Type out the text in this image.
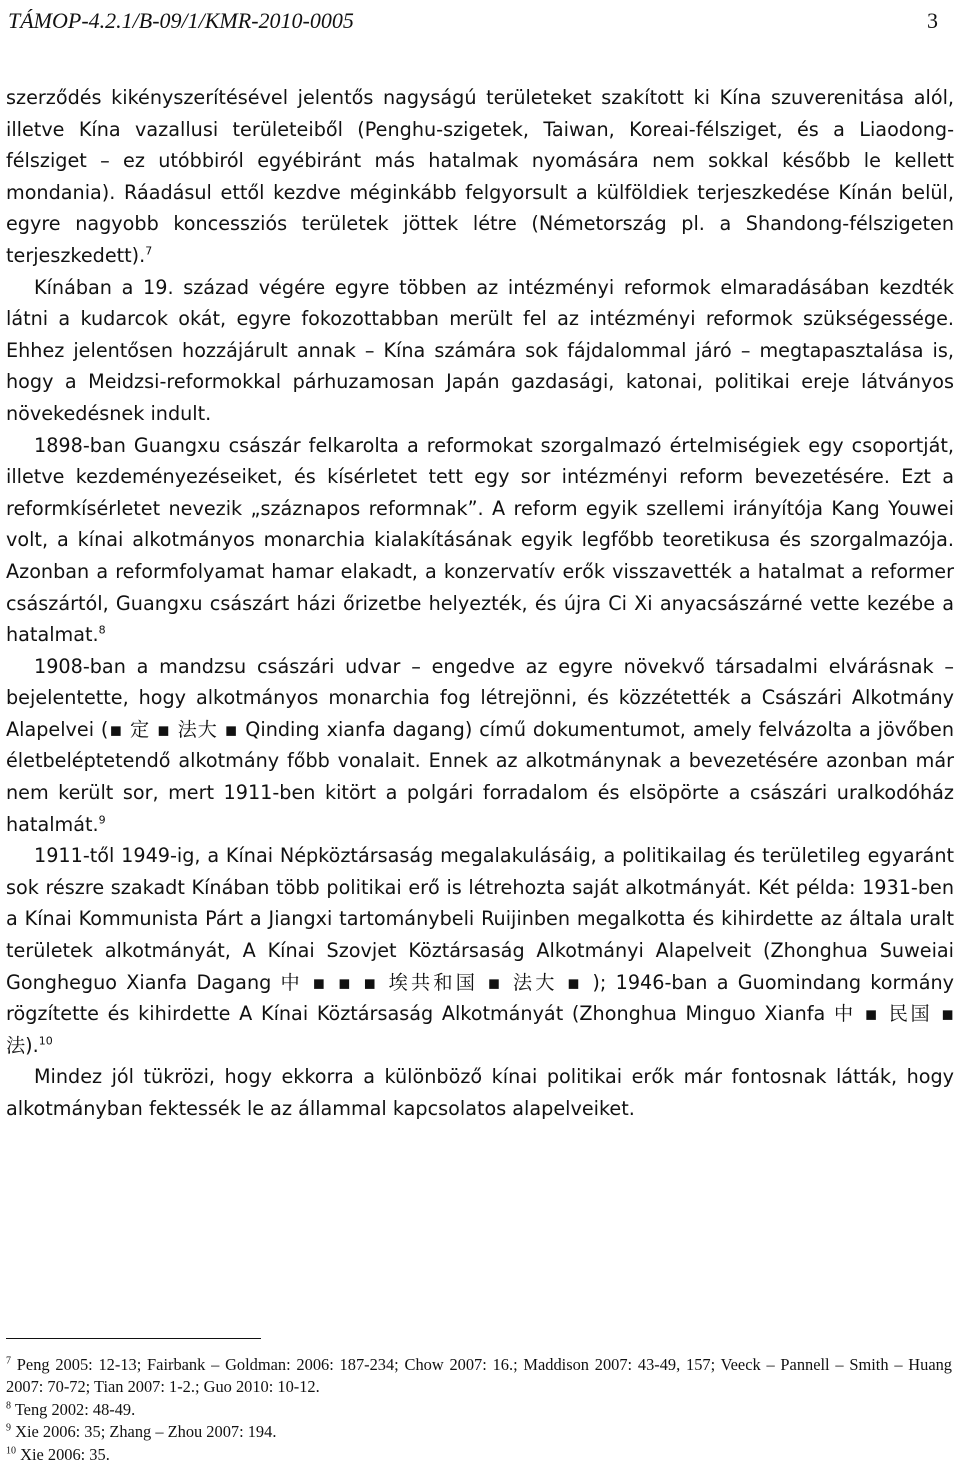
TÁMOP-4.2.1/B-09/1/KMR-2010-0005	3

szerződés kikényszerítésével jelentős nagyságú területeket szakított ki Kína szuverenitása alól, illetve Kína vazallusi területeiből (Penghu-szigetek, Taiwan, Koreai-félsziget, és a Liaodong-félsziget – ez utóbbiról egyébiránt más hatalmak nyomására nem sokkal később le kellett mondania). Ráadásul ettől kezdve méginkább felgyorsult a külföldiek terjeszkedése Kínán belül, egyre nagyobb koncessziós területek jöttek létre (Németország pl. a Shandong-félszigeten terjeszkedett).$^7$

Kínában a 19. század végére egyre többen az intézményi reformok elmaradásában kezdték látni a kudarcok okát, egyre fokozottabban merült fel az intézményi reformok szükségessége. Ehhez jelentősen hozzájárult annak – Kína számára sok fájdalommal járó – megtapasztalása is, hogy a Meidzsi-reformokkal párhuzamosan Japán gazdasági, katonai, politikai ereje látványos növekedésnek indult.

1898-ban Guangxu császár felkarolta a reformokat szorgalmazó értelmiségiek egy csoportját, illetve kezdeményezéseiket, és kísérletet tett egy sor intézményi reform bevezetésére. Ezt a reformkísérletet nevezik „száznapos reformnak”. A reform egyik szellemi irányítója Kang Youwei volt, a kínai alkotmányos monarchia kialakításának egyik legfőbb teoretikusa és szorgalmazója. Azonban a reformfolyamat hamar elakadt, a konzervatív erők visszavették a hatalmat a reformer császártól, Guangxu császárt házi őrizetbe helyezték, és újra Ci Xi anyacsászárné vette kezébe a hatalmat.$^8$

1908-ban a mandzsu császári udvar – engedve az egyre növekvő társadalmi elvárásnak – bejelentette, hogy alkotmányos monarchia fog létrejönni, és közzétették a Császári Alkotmány Alapelvei (▪ 定 ▪ 法大 ▪ Qinding xianfa dagang) című dokumentumot, amely felvázolta a jövőben életbeléptetendő alkotmány főbb vonalait. Ennek az alkotmánynak a bevezetésére azonban már nem került sor, mert 1911-ben kitört a polgári forradalom és elsöpörte a császári uralkodóház hatalmát.$^9$

1911-től 1949-ig, a Kínai Népköztársaság megalakulásáig, a politikailag és területileg egyaránt sok részre szakadt Kínában több politikai erő is létrehozta saját alkotmányát. Két példa: 1931-ben a Kínai Kommunista Párt a Jiangxi tartománybeli Ruijinben megalkotta és kihirdette az általa uralt területek alkotmányát, A Kínai Szovjet Köztársaság Alkotmányi Alapelveit (Zhonghua Suweiai Gongheguo Xianfa Dagang 中 ▪ ▪ ▪ 埃共和国 ▪ 法大 ▪ ); 1946-ban a Guomindang kormány rögzítette és kihirdette A Kínai Köztársaság Alkotmányát (Zhonghua Minguo Xianfa 中 ▪ 民国 ▪ 法).$^{10}$

Mindez jól tükrözi, hogy ekkorra a különböző kínai politikai erők már fontosnak látták, hogy alkotmányban fektessék le az állammal kapcsolatos alapelveiket.

$^7$ Peng 2005: 12-13; Fairbank – Goldman: 2006: 187-234; Chow 2007: 16.; Maddison 2007: 43-49, 157; Veeck – Pannell – Smith – Huang 2007: 70-72; Tian 2007: 1-2.; Guo 2010: 10-12.

$^8$ Teng 2002: 48-49.

$^9$ Xie 2006: 35; Zhang – Zhou 2007: 194.

$^{10}$ Xie 2006: 35.
